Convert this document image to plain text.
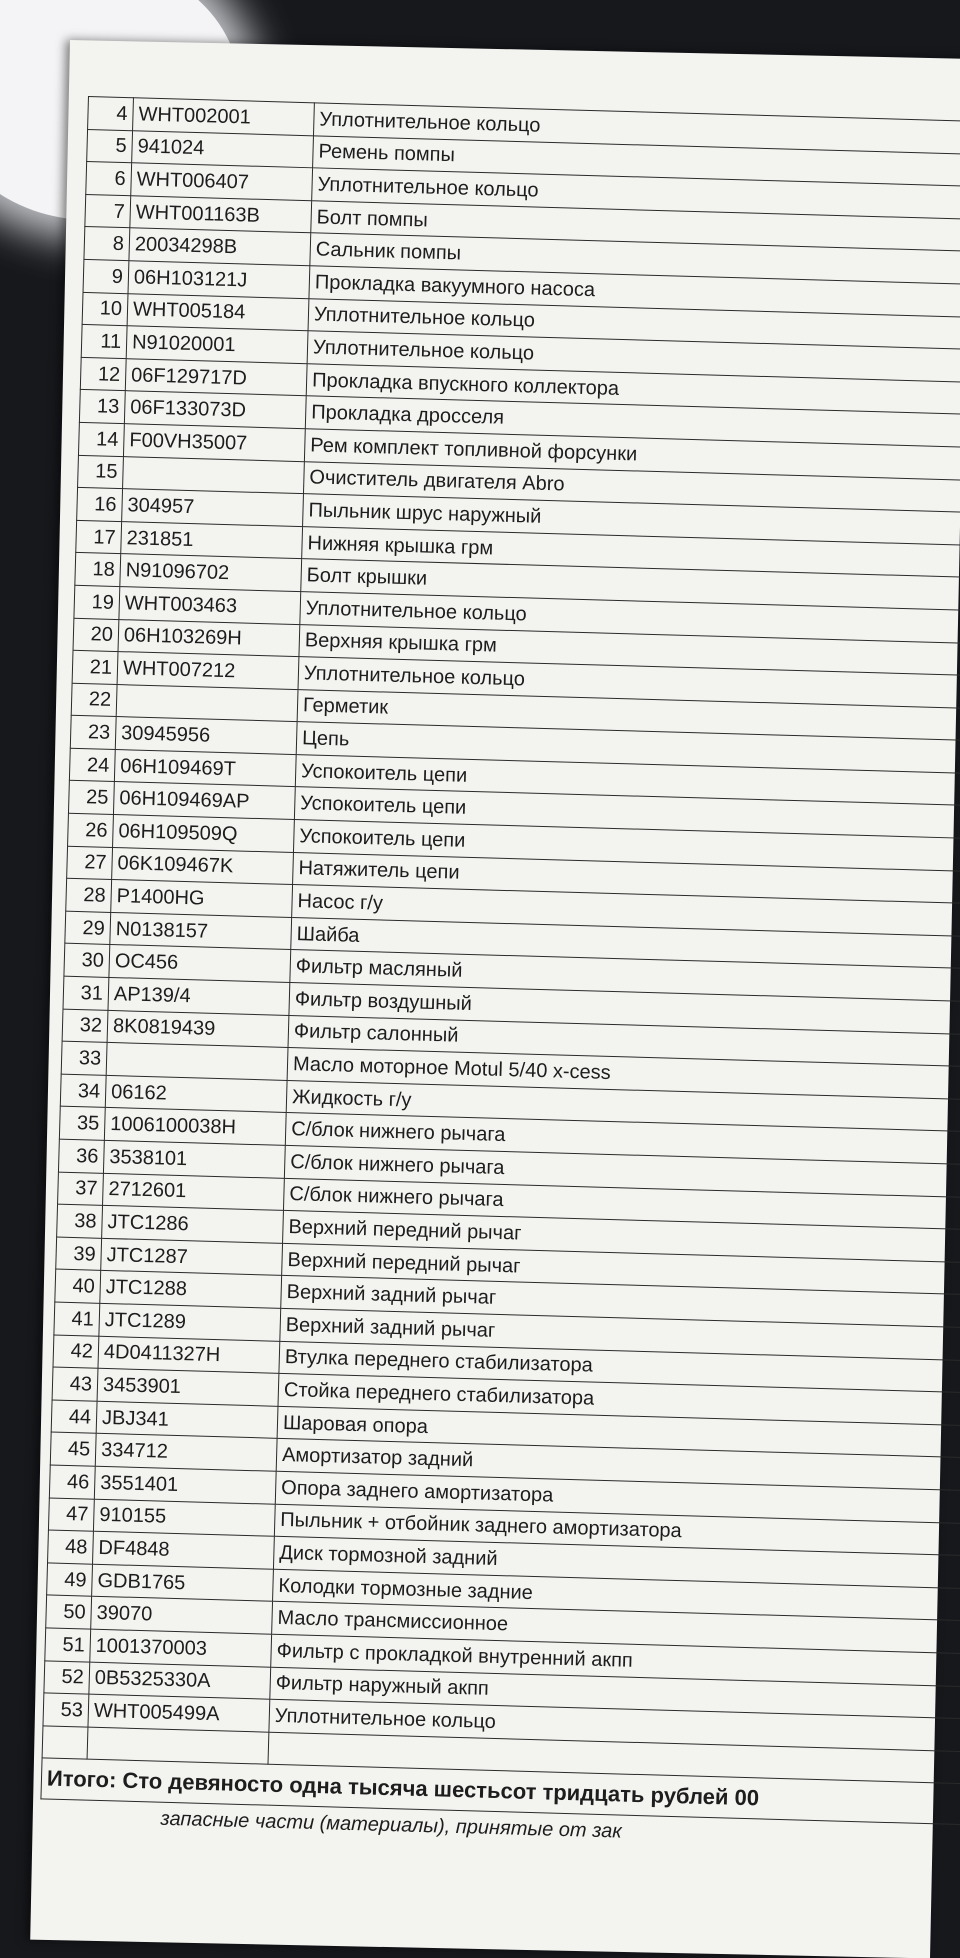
4	WHT002001	Уплотнительное кольцо
5	941024	Ремень помпы
6	WHT006407	Уплотнительное кольцо
7	WHT001163B	Болт помпы
8	20034298B	Сальник помпы
9	06H103121J	Прокладка вакуумного насоса
10	WHT005184	Уплотнительное кольцо
11	N91020001	Уплотнительное кольцо
12	06F129717D	Прокладка впускного коллектора
13	06F133073D	Прокладка дросселя
14	F00VH35007	Рем комплект топливной форсунки
15		Очиститель двигателя Abro
16	304957	Пыльник шрус наружный
17	231851	Нижняя крышка грм
18	N91096702	Болт крышки
19	WHT003463	Уплотнительное кольцо
20	06H103269H	Верхняя крышка грм
21	WHT007212	Уплотнительное кольцо
22		Герметик
23	30945956	Цепь
24	06H109469T	Успокоитель цепи
25	06H109469AP	Успокоитель цепи
26	06H109509Q	Успокоитель цепи
27	06K109467K	Натяжитель цепи
28	P1400HG	Насос г/у
29	N0138157	Шайба
30	OC456	Фильтр масляный
31	AP139/4	Фильтр воздушный
32	8K0819439	Фильтр салонный
33		Масло моторное Motul 5/40 x-cess
34	06162	Жидкость г/у
35	1006100038H	С/блок нижнего рычага
36	3538101	С/блок нижнего рычага
37	2712601	С/блок нижнего рычага
38	JTC1286	Верхний передний рычаг
39	JTC1287	Верхний передний рычаг
40	JTC1288	Верхний задний рычаг
41	JTC1289	Верхний задний рычаг
42	4D0411327H	Втулка переднего стабилизатора
43	3453901	Стойка переднего стабилизатора
44	JBJ341	Шаровая опора
45	334712	Амортизатор задний
46	3551401	Опора заднего амортизатора
47	910155	Пыльник + отбойник заднего амортизатора
48	DF4848	Диск тормозной задний
49	GDB1765	Колодки тормозные задние
50	39070	Масло трансмиссионное
51	1001370003	Фильтр с прокладкой внутренний акпп
52	0B5325330A	Фильтр наружный акпп
53	WHT005499A	Уплотнительное кольцо

Итого: Сто девяносто одна тысяча шестьсот тридцать рублей 00		
запасные части (материалы), принятые от зак		
